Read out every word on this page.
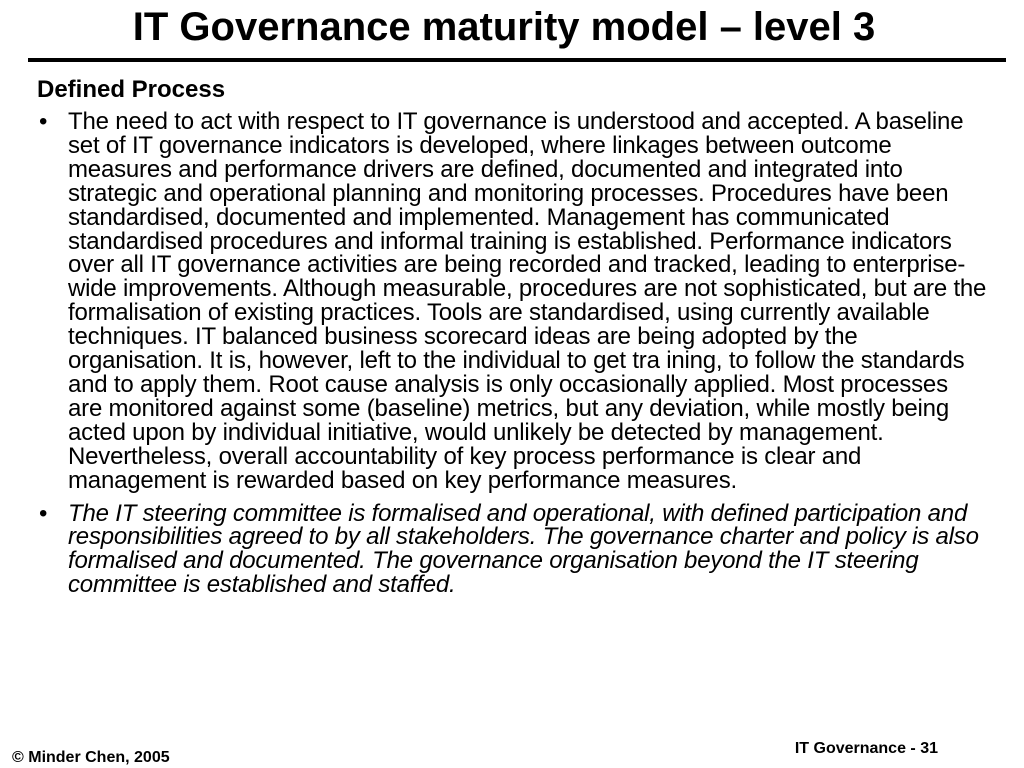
IT Governance maturity model – level 3
Defined Process
• The need to act with respect to IT governance is understood and accepted. A baseline set of IT governance indicators is developed, where linkages between outcome measures and performance drivers are defined, documented and integrated into strategic and operational planning and monitoring processes. Procedures have been standardised, documented and implemented. Management has communicated standardised procedures and informal training is established. Performance indicators over all IT governance activities are being recorded and tracked, leading to enterprise-wide improvements. Although measurable, procedures are not sophisticated, but are the formalisation of existing practices. Tools are standardised, using currently available techniques. IT balanced business scorecard ideas are being adopted by the organisation. It is, however, left to the individual to get tra ining, to follow the standards and to apply them. Root cause analysis is only occasionally applied. Most processes are monitored against some (baseline) metrics, but any deviation, while mostly being acted upon by individual initiative, would unlikely be detected by management. Nevertheless, overall accountability of key process performance is clear and management is rewarded based on key performance measures.
• The IT steering committee is formalised and operational, with defined participation and responsibilities agreed to by all stakeholders. The governance charter and policy is also formalised and documented. The governance organisation beyond the IT steering committee is established and staffed.
© Minder Chen, 2005
IT Governance - 31
